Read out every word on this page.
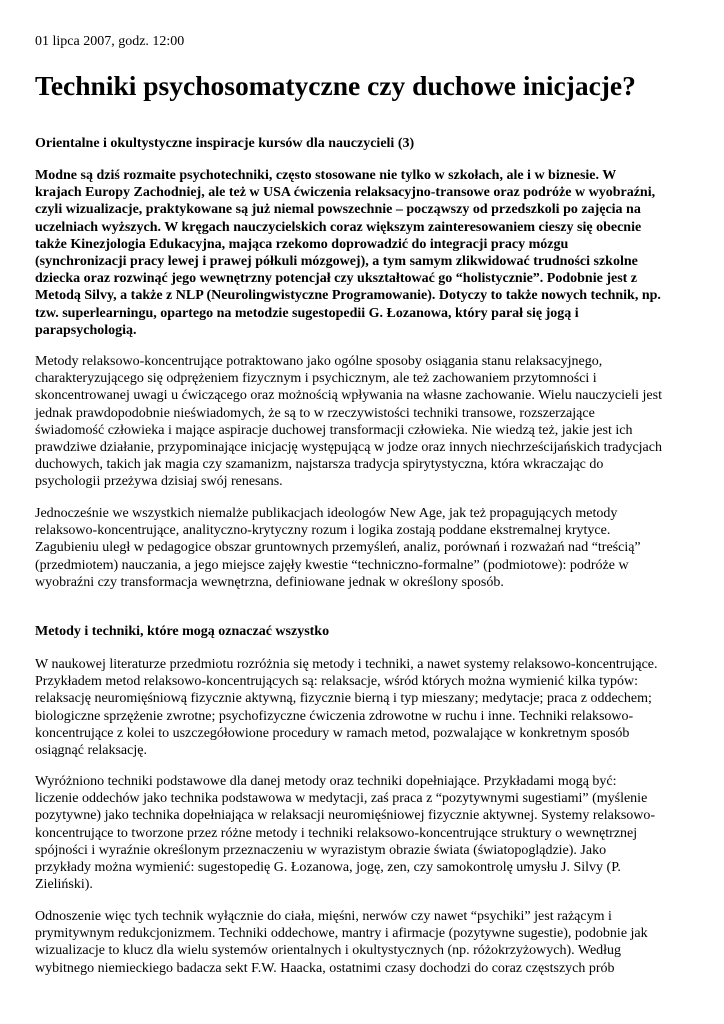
01 lipca 2007, godz. 12:00
Techniki psychosomatyczne czy duchowe inicjacje?
Orientalne i okultystyczne inspiracje kursów dla nauczycieli (3)
Modne są dziś rozmaite psychotechniki, często stosowane nie tylko w szkołach, ale i w biznesie. W
krajach Europy Zachodniej, ale też w USA ćwiczenia relaksacyjno-transowe oraz podróże w wyobraźni,
czyli wizualizacje, praktykowane są już niemal powszechnie – począwszy od przedszkoli po zajęcia na
uczelniach wyższych. W kręgach nauczycielskich coraz większym zainteresowaniem cieszy się obecnie
także Kinezjologia Edukacyjna, mająca rzekomo doprowadzić do integracji pracy mózgu
(synchronizacji pracy lewej i prawej półkuli mózgowej), a tym samym zlikwidować trudności szkolne
dziecka oraz rozwinąć jego wewnętrzny potencjał czy ukształtować go “holistycznie”. Podobnie jest z
Metodą Silvy, a także z NLP (Neurolingwistyczne Programowanie). Dotyczy to także nowych technik, np.
tzw. superlearningu, opartego na metodzie sugestopedii G. Łozanowa, który parał się jogą i
parapsychologią.
Metody relaksowo-koncentrujące potraktowano jako ogólne sposoby osiągania stanu relaksacyjnego,
charakteryzującego się odprężeniem fizycznym i psychicznym, ale też zachowaniem przytomności i
skoncentrowanej uwagi u ćwiczącego oraz możnością wpływania na własne zachowanie. Wielu nauczycieli jest
jednak prawdopodobnie nieświadomych, że są to w rzeczywistości techniki transowe, rozszerzające
świadomość człowieka i mające aspiracje duchowej transformacji człowieka. Nie wiedzą też, jakie jest ich
prawdziwe działanie, przypominające inicjację występującą w jodze oraz innych niechrześcijańskich tradycjach
duchowych, takich jak magia czy szamanizm, najstarsza tradycja spirytystyczna, która wkraczając do
psychologii przeżywa dzisiaj swój renesans.
Jednocześnie we wszystkich niemalże publikacjach ideologów New Age, jak też propagujących metody
relaksowo-koncentrujące, analityczno-krytyczny rozum i logika zostają poddane ekstremalnej krytyce.
Zagubieniu uległ w pedagogice obszar gruntownych przemyśleń, analiz, porównań i rozważań nad “treścią”
(przedmiotem) nauczania, a jego miejsce zajęły kwestie “techniczno-formalne” (podmiotowe): podróże w
wyobraźni czy transformacja wewnętrzna, definiowane jednak w określony sposób.
Metody i techniki, które mogą oznaczać wszystko
W naukowej literaturze przedmiotu rozróżnia się metody i techniki, a nawet systemy relaksowo-koncentrujące.
Przykładem metod relaksowo-koncentrujących są: relaksacje, wśród których można wymienić kilka typów:
relaksację neuromięśniową fizycznie aktywną, fizycznie bierną i typ mieszany; medytacje; praca z oddechem;
biologiczne sprzężenie zwrotne; psychofizyczne ćwiczenia zdrowotne w ruchu i inne. Techniki relaksowo-
koncentrujące z kolei to uszczegółowione procedury w ramach metod, pozwalające w konkretnym sposób
osiągnąć relaksację.
Wyróżniono techniki podstawowe dla danej metody oraz techniki dopełniające. Przykładami mogą być:
liczenie oddechów jako technika podstawowa w medytacji, zaś praca z “pozytywnymi sugestiami” (myślenie
pozytywne) jako technika dopełniająca w relaksacji neuromięśniowej fizycznie aktywnej. Systemy relaksowo-
koncentrujące to tworzone przez różne metody i techniki relaksowo-koncentrujące struktury o wewnętrznej
spójności i wyraźnie określonym przeznaczeniu w wyrazistym obrazie świata (światopoglądzie). Jako
przykłady można wymienić: sugestopedię G. Łozanowa, jogę, zen, czy samokontrolę umysłu J. Silvy (P.
Zieliński).
Odnoszenie więc tych technik wyłącznie do ciała, mięśni, nerwów czy nawet “psychiki” jest rażącym i
prymitywnym redukcjonizmem. Techniki oddechowe, mantry i afirmacje (pozytywne sugestie), podobnie jak
wizualizacje to klucz dla wielu systemów orientalnych i okultystycznych (np. różokrzyżowych). Według
wybitnego niemieckiego badacza sekt F.W. Haacka, ostatnimi czasy dochodzi do coraz częstszych prób
